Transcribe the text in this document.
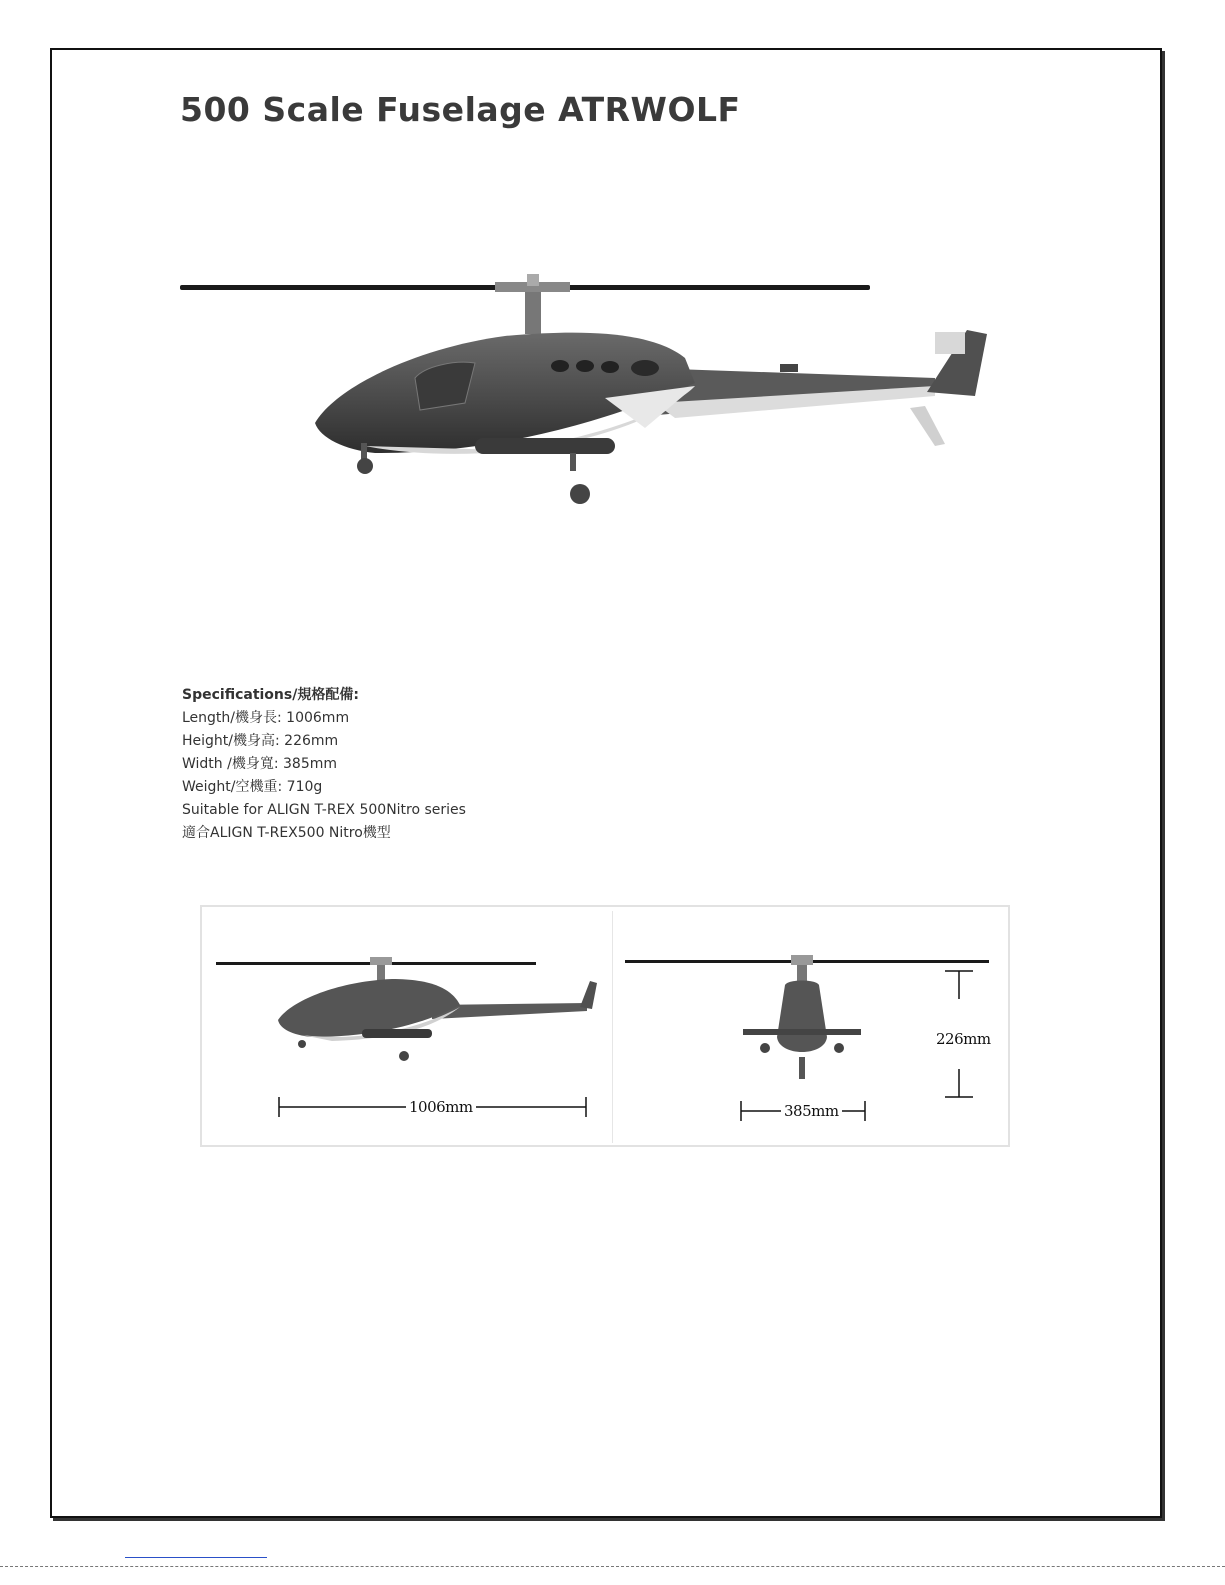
500 Scale Fuselage ATRWOLF
Specifications/規格配備:
Length/機身長: 1006mm
Height/機身高: 226mm
Width /機身寬: 385mm
Weight/空機重: 710g
Suitable for ALIGN T-REX 500Nitro series
適合ALIGN T-REX500 Nitro機型
1006mm	385mm
226mm
